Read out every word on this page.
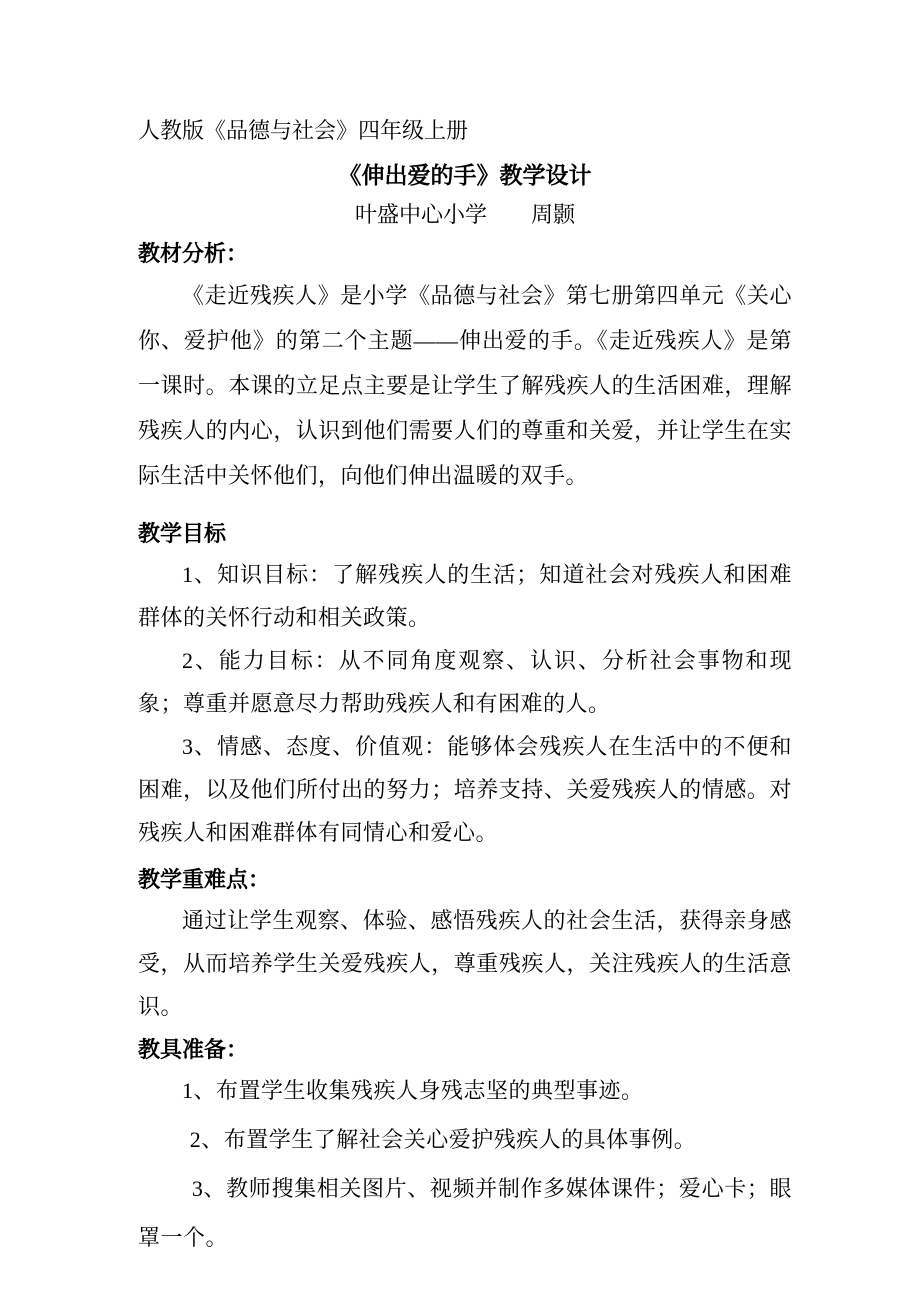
人教版《品德与社会》四年级上册
《伸出爱的手》教学设计
叶盛中心小学　　周颢
教材分析：

《走近残疾人》是小学《品德与社会》第七册第四单元《关心你、爱护他》的第二个主题——伸出爱的手。《走近残疾人》是第一课时。本课的立足点主要是让学生了解残疾人的生活困难，理解残疾人的内心，认识到他们需要人们的尊重和关爱，并让学生在实际生活中关怀他们，向他们伸出温暖的双手。

教学目标

1、知识目标：了解残疾人的生活；知道社会对残疾人和困难群体的关怀行动和相关政策。

2、能力目标：从不同角度观察、认识、分析社会事物和现象；尊重并愿意尽力帮助残疾人和有困难的人。

3、情感、态度、价值观：能够体会残疾人在生活中的不便和困难，以及他们所付出的努力；培养支持、关爱残疾人的情感。对残疾人和困难群体有同情心和爱心。

教学重难点：

通过让学生观察、体验、感悟残疾人的社会生活，获得亲身感受，从而培养学生关爱残疾人，尊重残疾人，关注残疾人的生活意识。

教具准备：

1、布置学生收集残疾人身残志坚的典型事迹。

2、布置学生了解社会关心爱护残疾人的具体事例。

3、教师搜集相关图片、视频并制作多媒体课件；爱心卡；眼罩一个。
